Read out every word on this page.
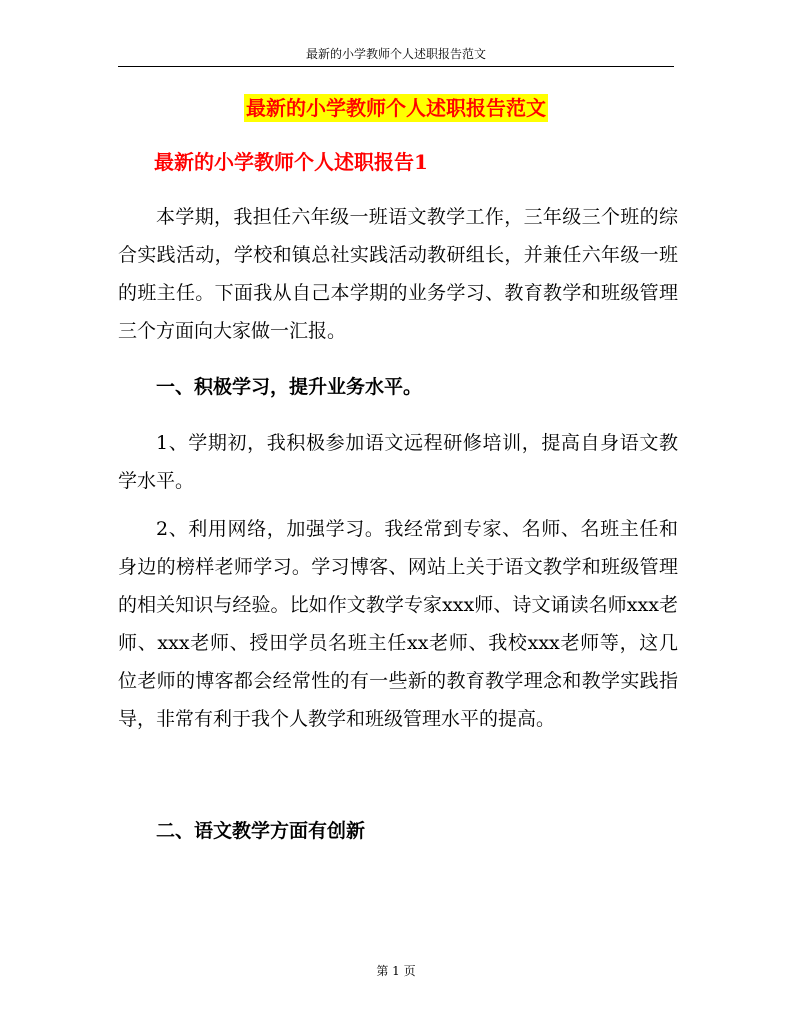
最新的小学教师个人述职报告范文
最新的小学教师个人述职报告范文
最新的小学教师个人述职报告1

本学期，我担任六年级一班语文教学工作，三年级三个班的综合实践活动，学校和镇总社实践活动教研组长，并兼任六年级一班的班主任。下面我从自己本学期的业务学习、教育教学和班级管理三个方面向大家做一汇报。

一、积极学习，提升业务水平。

1、学期初，我积极参加语文远程研修培训，提高自身语文教学水平。

2、利用网络，加强学习。我经常到专家、名师、名班主任和身边的榜样老师学习。学习博客、网站上关于语文教学和班级管理的相关知识与经验。比如作文教学专家xxx师、诗文诵读名师xxx老师、xxx老师、授田学员名班主任xx老师、我校xxx老师等，这几位老师的博客都会经常性的有一些新的教育教学理念和教学实践指导，非常有利于我个人教学和班级管理水平的提高。

二、语文教学方面有创新

第 1 页
